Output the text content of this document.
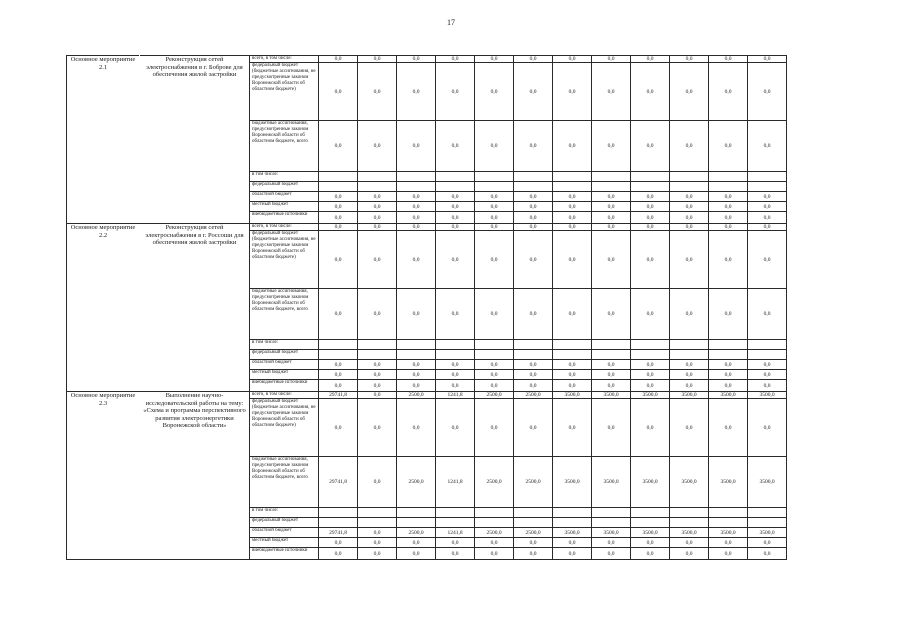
17
Основное мероприятие 2.1	Реконструкция сетей электроснабжения в г. Боброве для обеспечения жилой застройки	всего, в том числе:	0,0	0,0	0,0	0,0	0,0	0,0	0,0	0,0	0,0	0,0	0,0	0,0
		федеральный бюджет (бюджетные ассигнования, не предусмотренные законом Воронежской области об областном бюджете)	0,0	0,0	0,0	0,0	0,0	0,0	0,0	0,0	0,0	0,0	0,0	0,0
		бюджетные ассигнования, предусмотренные законом Воронежской области об областном бюджете, всего	0,0	0,0	0,0	0,0	0,0	0,0	0,0	0,0	0,0	0,0	0,0	0,0
		в том числе:												
		федеральный бюджет												
		областной бюджет	0,0	0,0	0,0	0,0	0,0	0,0	0,0	0,0	0,0	0,0	0,0	0,0
		местный бюджет	0,0	0,0	0,0	0,0	0,0	0,0	0,0	0,0	0,0	0,0	0,0	0,0
		внебюджетные источники	0,0	0,0	0,0	0,0	0,0	0,0	0,0	0,0	0,0	0,0	0,0	0,0
Основное мероприятие 2.2	Реконструкция сетей электроснабжения в г. Россоши для обеспечения жилой застройки	всего, в том числе:	0,0	0,0	0,0	0,0	0,0	0,0	0,0	0,0	0,0	0,0	0,0	0,0
		федеральный бюджет (бюджетные ассигнования, не предусмотренные законом Воронежской области об областном бюджете)	0,0	0,0	0,0	0,0	0,0	0,0	0,0	0,0	0,0	0,0	0,0	0,0
		бюджетные ассигнования, предусмотренные законом Воронежской области об областном бюджете, всего	0,0	0,0	0,0	0,0	0,0	0,0	0,0	0,0	0,0	0,0	0,0	0,0
		в том числе:												
		федеральный бюджет												
		областной бюджет	0,0	0,0	0,0	0,0	0,0	0,0	0,0	0,0	0,0	0,0	0,0	0,0
		местный бюджет	0,0	0,0	0,0	0,0	0,0	0,0	0,0	0,0	0,0	0,0	0,0	0,0
		внебюджетные источники	0,0	0,0	0,0	0,0	0,0	0,0	0,0	0,0	0,0	0,0	0,0	0,0
Основное мероприятие 2.3	Выполнение научно-исследовательской работы на тему: «Схема и программа перспективного развития электроэнергетики Воронежской области»	всего, в том числе:	29741,8	0,0	2500,0	1241,8	2500,0	2500,0	3500,0	3500,0	3500,0	3500,0	3500,0	3500,0
		федеральный бюджет (бюджетные ассигнования, не предусмотренные законом Воронежской области об областном бюджете)	0,0	0,0	0,0	0,0	0,0	0,0	0,0	0,0	0,0	0,0	0,0	0,0
		бюджетные ассигнования, предусмотренные законом Воронежской области об областном бюджете, всего	29741,8	0,0	2500,0	1241,8	2500,0	2500,0	3500,0	3500,0	3500,0	3500,0	3500,0	3500,0
		в том числе:												
		федеральный бюджет												
		областной бюджет	29741,8	0,0	2500,0	1241,8	2500,0	2500,0	3500,0	3500,0	3500,0	3500,0	3500,0	3500,0
		местный бюджет	0,0	0,0	0,0	0,0	0,0	0,0	0,0	0,0	0,0	0,0	0,0	0,0
		внебюджетные источники	0,0	0,0	0,0	0,0	0,0	0,0	0,0	0,0	0,0	0,0	0,0	0,0
